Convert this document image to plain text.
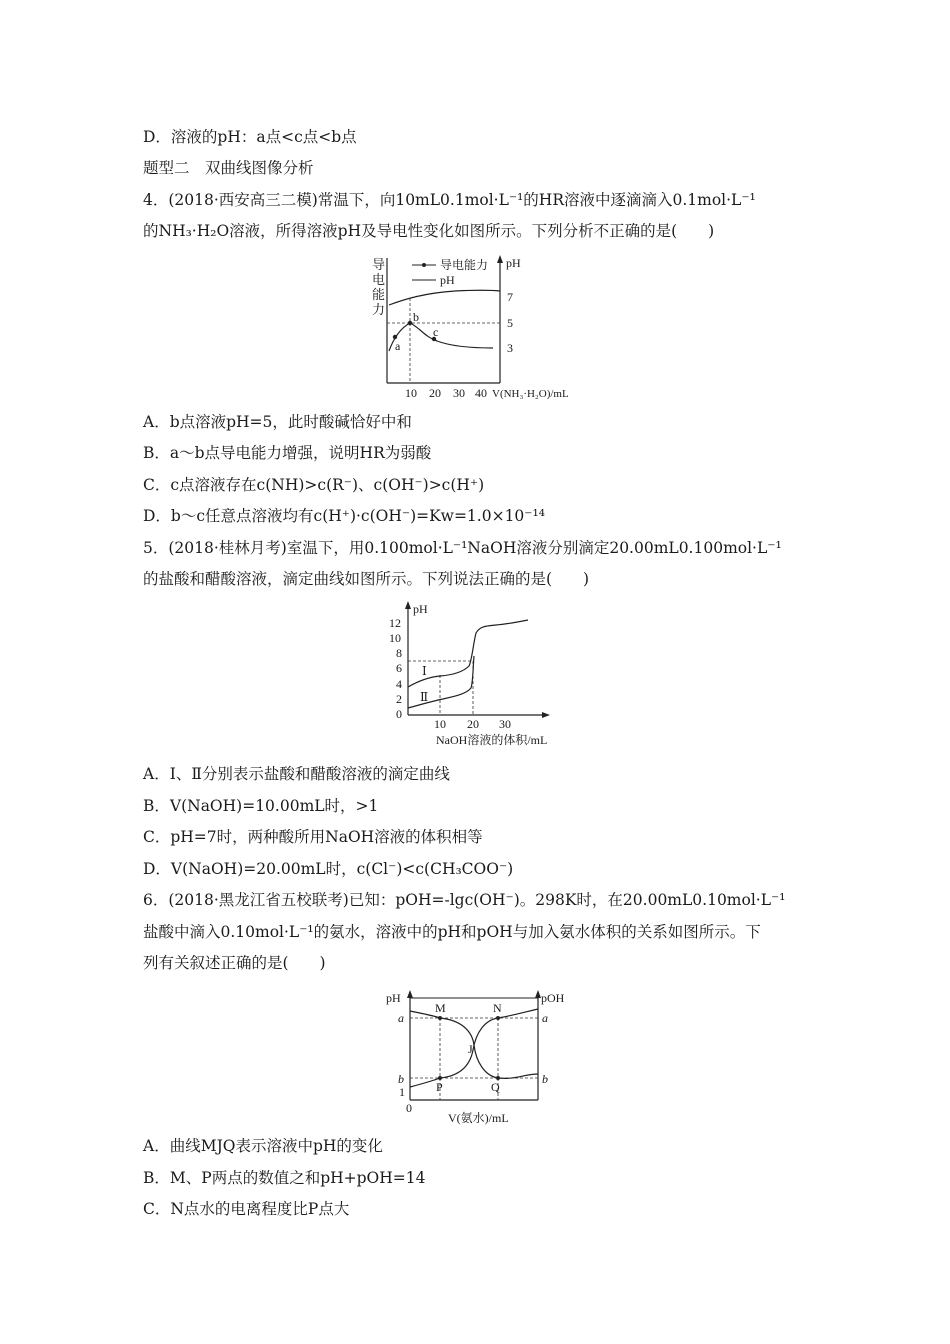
D．溶液的pH：a点<c点<b点
题型二　双曲线图像分析
4．(2018·西安高三二模)常温下，向10mL0.1mol·L⁻¹的HR溶液中逐滴滴入0.1mol·L⁻¹
的NH₃·H₂O溶液，所得溶液pH及导电性变化如图所示。下列分析不正确的是(　　)
导
电
能
力
pH
导电能力
pH
7
5
3
a
b
c
10 20 30 40 V(NH₃·H₂O)/mL
A．b点溶液pH=5，此时酸碱恰好中和
B．a～b点导电能力增强，说明HR为弱酸
C．c点溶液存在c(NH)>c(R⁻)、c(OH⁻)>c(H⁺)
D．b～c任意点溶液均有c(H⁺)·c(OH⁻)=Kw=1.0×10⁻¹⁴
5．(2018·桂林月考)室温下，用0.100mol·L⁻¹NaOH溶液分别滴定20.00mL0.100mol·L⁻¹
的盐酸和醋酸溶液，滴定曲线如图所示。下列说法正确的是(　　)
pH
12
10
8
6
4
2
0
Ⅰ
Ⅱ
10 20 30
NaOH溶液的体积/mL
A．Ⅰ、Ⅱ分别表示盐酸和醋酸溶液的滴定曲线
B．V(NaOH)=10.00mL时，>1
C．pH=7时，两种酸所用NaOH溶液的体积相等
D．V(NaOH)=20.00mL时，c(Cl⁻)<c(CH₃COO⁻)
6．(2018·黑龙江省五校联考)已知：pOH=-lgc(OH⁻)。298K时，在20.00mL0.10mol·L⁻¹
盐酸中滴入0.10mol·L⁻¹的氨水，溶液中的pH和pOH与加入氨水体积的关系如图所示。下
列有关叙述正确的是(　　)
pH	pOH
a
b
1
0
a
b
M	N
J
P	Q
V(氨水)/mL
A．曲线MJQ表示溶液中pH的变化
B．M、P两点的数值之和pH+pOH=14
C．N点水的电离程度比P点大
